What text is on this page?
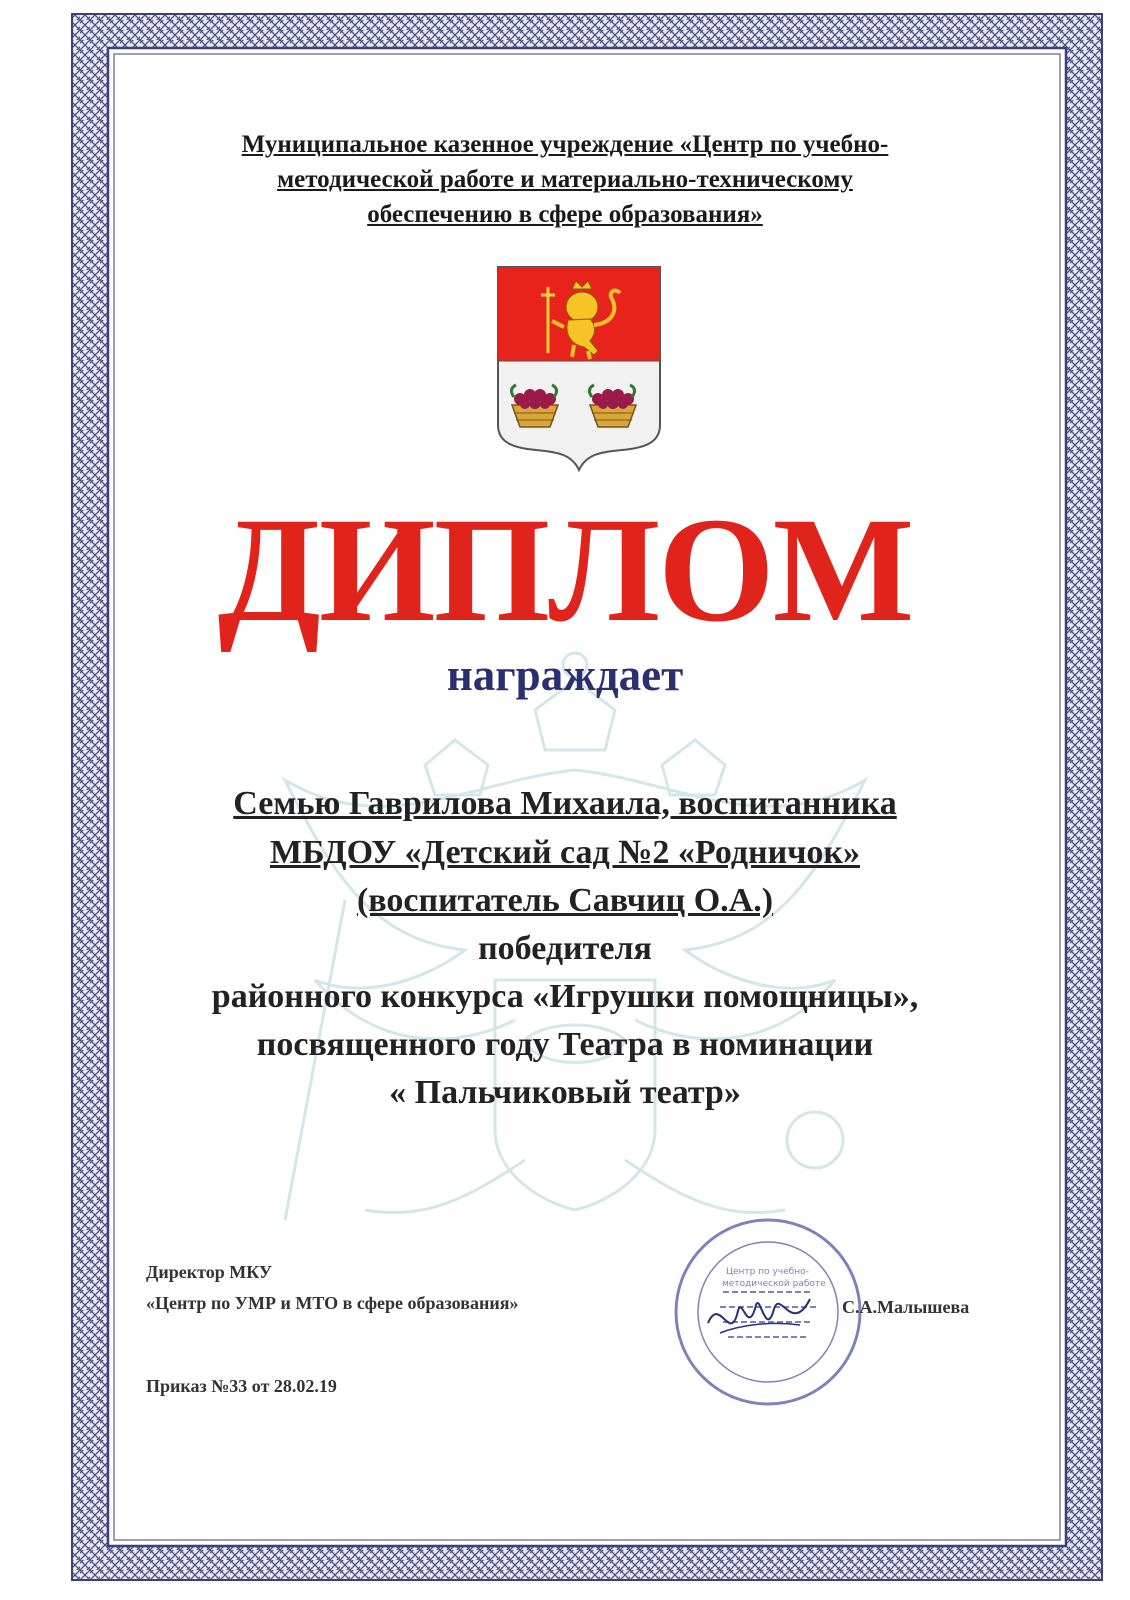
Муниципальное казенное учреждение «Центр по учебно-
методической работе и материально-техническому
обеспечению в сфере образования»
ДИПЛОМ
награждает
Семью Гаврилова Михаила, воспитанника
МБДОУ «Детский сад №2 «Родничок»
(воспитатель Савчиц О.А.)
победителя
районного конкурса «Игрушки помощницы»,
посвященного году Театра в номинации
« Пальчиковый театр»
Центр по учебно-
методической работе
Директор МКУ
«Центр по УМР и МТО в сфере образования»	С.А.Малышева
Приказ №33 от 28.02.19
